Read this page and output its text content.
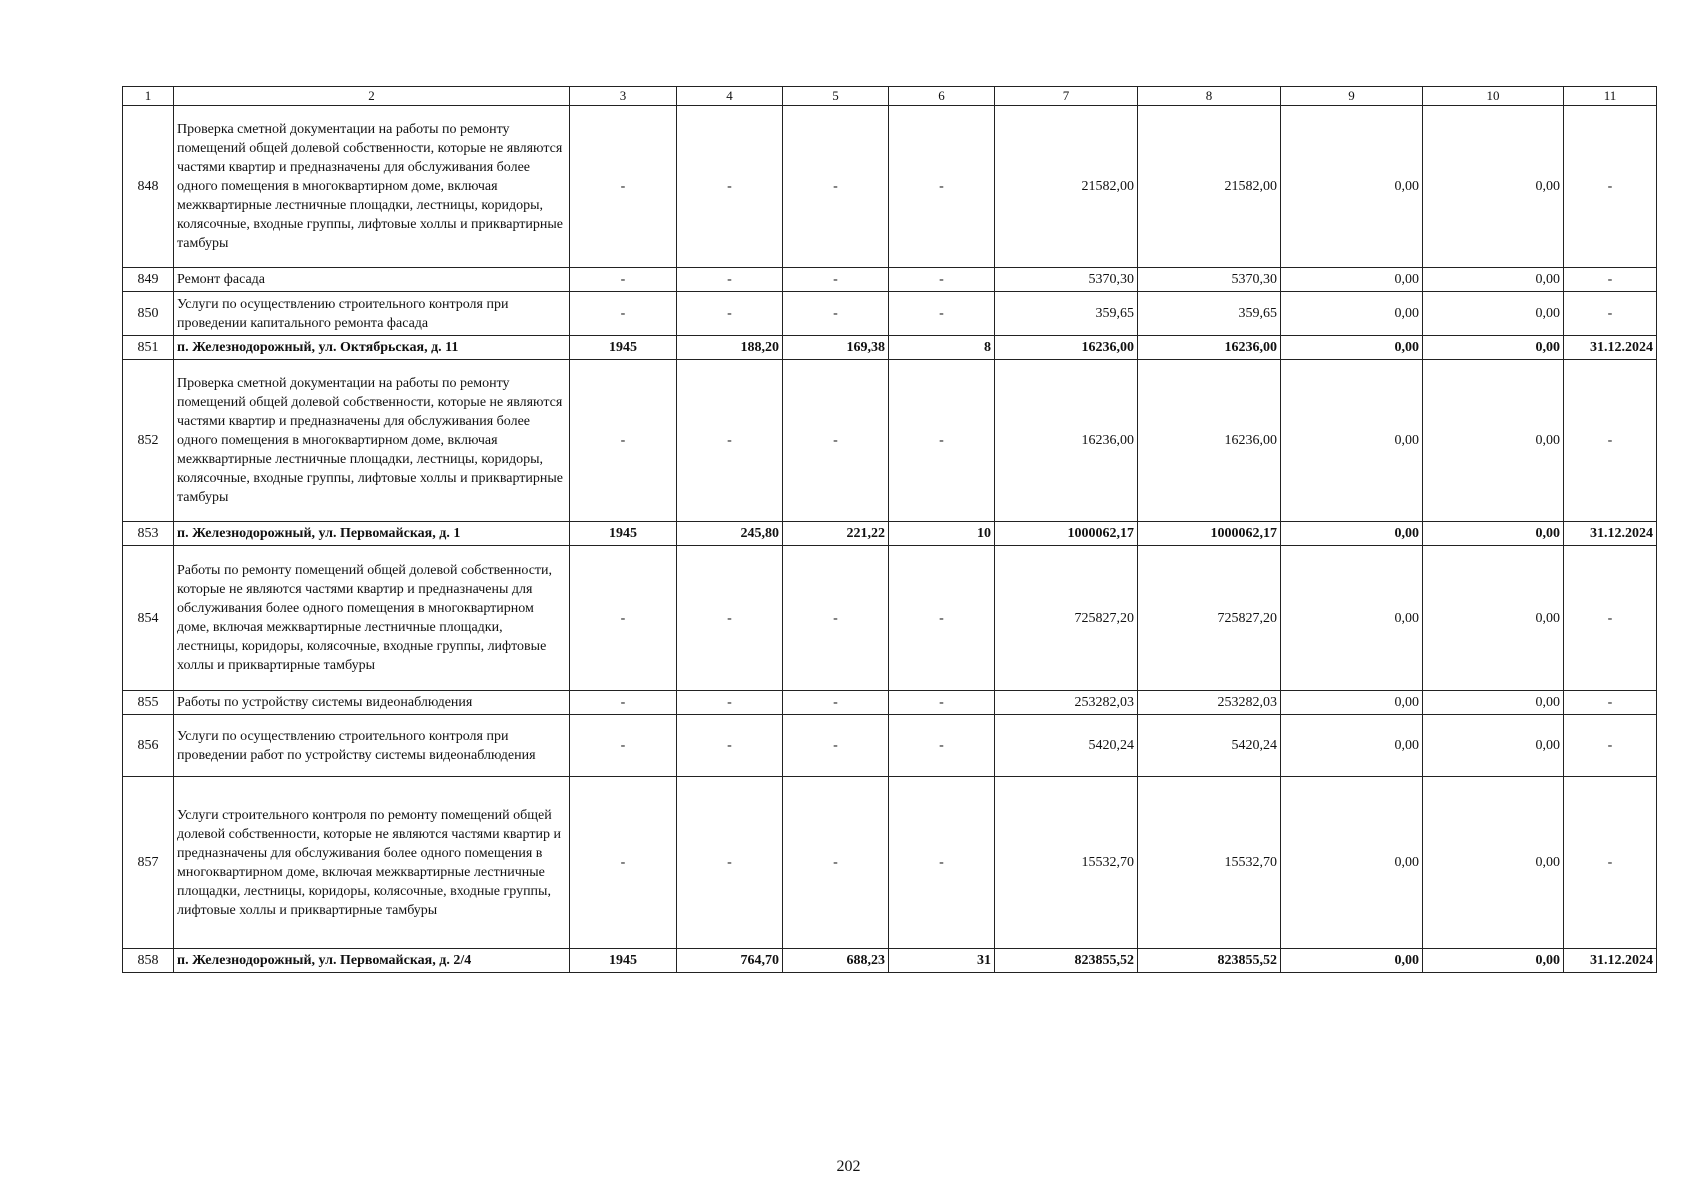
1	2	3	4	5	6	7	8	9	10	11
848	Проверка сметной документации на работы по ремонту помещений общей долевой собственности, которые не являются частями квартир и предназначены для обслуживания более одного помещения в многоквартирном доме, включая межквартирные лестничные площадки, лестницы, коридоры, колясочные, входные группы, лифтовые холлы и приквартирные тамбуры	-	-	-	-	21582,00	21582,00	0,00	0,00	-
849	Ремонт фасада	-	-	-	-	5370,30	5370,30	0,00	0,00	-
850	Услуги по осуществлению строительного контроля при проведении капитального ремонта фасада	-	-	-	-	359,65	359,65	0,00	0,00	-
851	п. Железнодорожный, ул. Октябрьская, д. 11	1945	188,20	169,38	8	16236,00	16236,00	0,00	0,00	31.12.2024
852	Проверка сметной документации на работы по ремонту помещений общей долевой собственности, которые не являются частями квартир и предназначены для обслуживания более одного помещения в многоквартирном доме, включая межквартирные лестничные площадки, лестницы, коридоры, колясочные, входные группы, лифтовые холлы и приквартирные тамбуры	-	-	-	-	16236,00	16236,00	0,00	0,00	-
853	п. Железнодорожный, ул. Первомайская, д. 1	1945	245,80	221,22	10	1000062,17	1000062,17	0,00	0,00	31.12.2024
854	Работы по ремонту помещений общей долевой собственности, которые не являются частями квартир и предназначены для обслуживания более одного помещения в многоквартирном доме, включая межквартирные лестничные площадки, лестницы, коридоры, колясочные, входные группы, лифтовые холлы и приквартирные тамбуры	-	-	-	-	725827,20	725827,20	0,00	0,00	-
855	Работы по устройству системы видеонаблюдения	-	-	-	-	253282,03	253282,03	0,00	0,00	-
856	Услуги по осуществлению строительного контроля при проведении работ по устройству системы видеонаблюдения	-	-	-	-	5420,24	5420,24	0,00	0,00	-
857	Услуги строительного контроля по ремонту помещений общей долевой собственности, которые не являются частями квартир и предназначены для обслуживания более одного помещения в многоквартирном доме, включая межквартирные лестничные площадки, лестницы, коридоры, колясочные, входные группы, лифтовые холлы и приквартирные тамбуры	-	-	-	-	15532,70	15532,70	0,00	0,00	-
858	п. Железнодорожный, ул. Первомайская, д. 2/4	1945	764,70	688,23	31	823855,52	823855,52	0,00	0,00	31.12.2024
202
